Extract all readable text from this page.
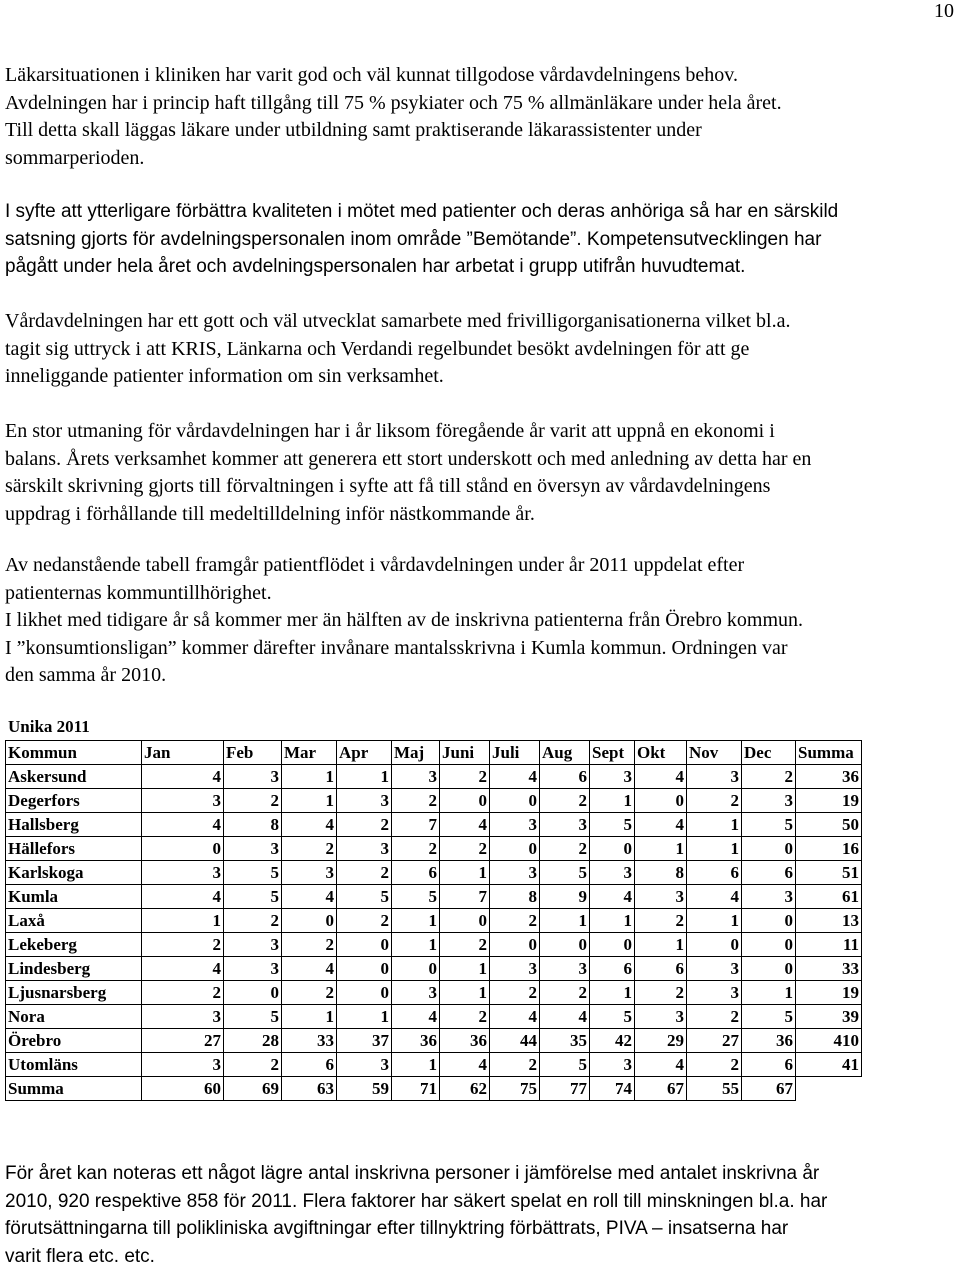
10

Läkarsituationen i kliniken har varit god och väl kunnat tillgodose vårdavdelningens behov.
Avdelningen har i princip haft tillgång till 75 % psykiater och 75 % allmänläkare under hela året.
Till detta skall läggas läkare under utbildning samt praktiserande läkarassistenter under
sommarperioden.

I syfte att ytterligare förbättra kvaliteten i mötet med patienter och deras anhöriga så har en särskild
satsning gjorts för avdelningspersonalen inom område ”Bemötande”. Kompetensutvecklingen har
pågått under hela året och avdelningspersonalen har arbetat i grupp utifrån huvudtemat.

Vårdavdelningen har ett gott och väl utvecklat samarbete med frivilligorganisationerna vilket bl.a.
tagit sig uttryck i att KRIS, Länkarna och Verdandi regelbundet besökt avdelningen för att ge
inneliggande patienter information om sin verksamhet.

En stor utmaning för vårdavdelningen har i år liksom föregående år varit att uppnå en ekonomi i
balans. Årets verksamhet kommer att generera ett stort underskott och med anledning av detta har en
särskilt skrivning gjorts till förvaltningen i syfte att få till stånd en översyn av vårdavdelningens
uppdrag i förhållande till medeltilldelning inför nästkommande år.

Av nedanstående tabell framgår patientflödet i vårdavdelningen under år 2011 uppdelat efter
patienternas kommuntillhörighet.
I likhet med tidigare år så kommer mer än hälften av de inskrivna patienterna från Örebro kommun.
I ”konsumtionsligan” kommer därefter invånare mantalsskrivna i Kumla kommun. Ordningen var
den samma år 2010.

Unika 2011
Kommun	Jan	Feb	Mar	Apr	Maj	Juni	Juli	Aug	Sept	Okt	Nov	Dec	Summa
Askersund	4	3	1	1	3	2	4	6	3	4	3	2	36
Degerfors	3	2	1	3	2	0	0	2	1	0	2	3	19
Hallsberg	4	8	4	2	7	4	3	3	5	4	1	5	50
Hällefors	0	3	2	3	2	2	0	2	0	1	1	0	16
Karlskoga	3	5	3	2	6	1	3	5	3	8	6	6	51
Kumla	4	5	4	5	5	7	8	9	4	3	4	3	61
Laxå	1	2	0	2	1	0	2	1	1	2	1	0	13
Lekeberg	2	3	2	0	1	2	0	0	0	1	0	0	11
Lindesberg	4	3	4	0	0	1	3	3	6	6	3	0	33
Ljusnarsberg	2	0	2	0	3	1	2	2	1	2	3	1	19
Nora	3	5	1	1	4	2	4	4	5	3	2	5	39
Örebro	27	28	33	37	36	36	44	35	42	29	27	36	410
Utomläns	3	2	6	3	1	4	2	5	3	4	2	6	41
Summa	60	69	63	59	71	62	75	77	74	67	55	67	

För året kan noteras ett något lägre antal inskrivna personer i jämförelse med antalet inskrivna år
2010, 920 respektive 858 för 2011. Flera faktorer har säkert spelat en roll till minskningen bl.a. har
förutsättningarna till polikliniska avgiftningar efter tillnyktring förbättrats, PIVA – insatserna har
varit flera etc. etc.
